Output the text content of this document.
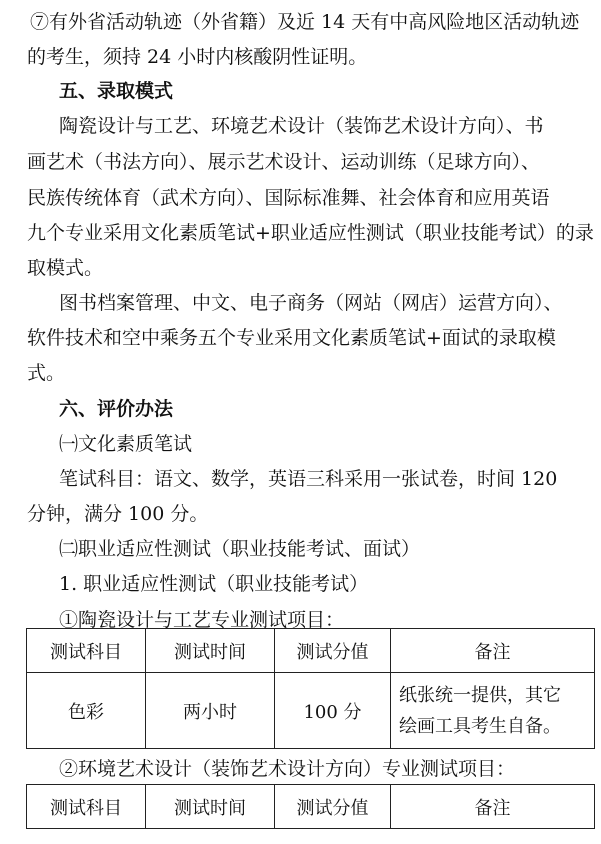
⑦有外省活动轨迹（外省籍）及近 14 天有中高风险地区活动轨迹
的考生，须持 24 小时内核酸阴性证明。
五、录取模式
陶瓷设计与工艺、环境艺术设计（装饰艺术设计方向）、书
画艺术（书法方向）、展示艺术设计、运动训练（足球方向）、
民族传统体育（武术方向）、国际标准舞、社会体育和应用英语
九个专业采用文化素质笔试+职业适应性测试（职业技能考试）的录
取模式。
图书档案管理、中文、电子商务（网站（网店）运营方向）、
软件技术和空中乘务五个专业采用文化素质笔试+面试的录取模
式。
六、评价办法
㈠文化素质笔试
笔试科目：语文、数学，英语三科采用一张试卷，时间 120
分钟，满分 100 分。
㈡职业适应性测试（职业技能考试、面试）
1. 职业适应性测试（职业技能考试）
①陶瓷设计与工艺专业测试项目：
测试科目	测试时间	测试分值	备注
色彩	两小时	100 分	纸张统一提供，其它
绘画工具考生自备。
②环境艺术设计（装饰艺术设计方向）专业测试项目：
测试科目	测试时间	测试分值	备注
